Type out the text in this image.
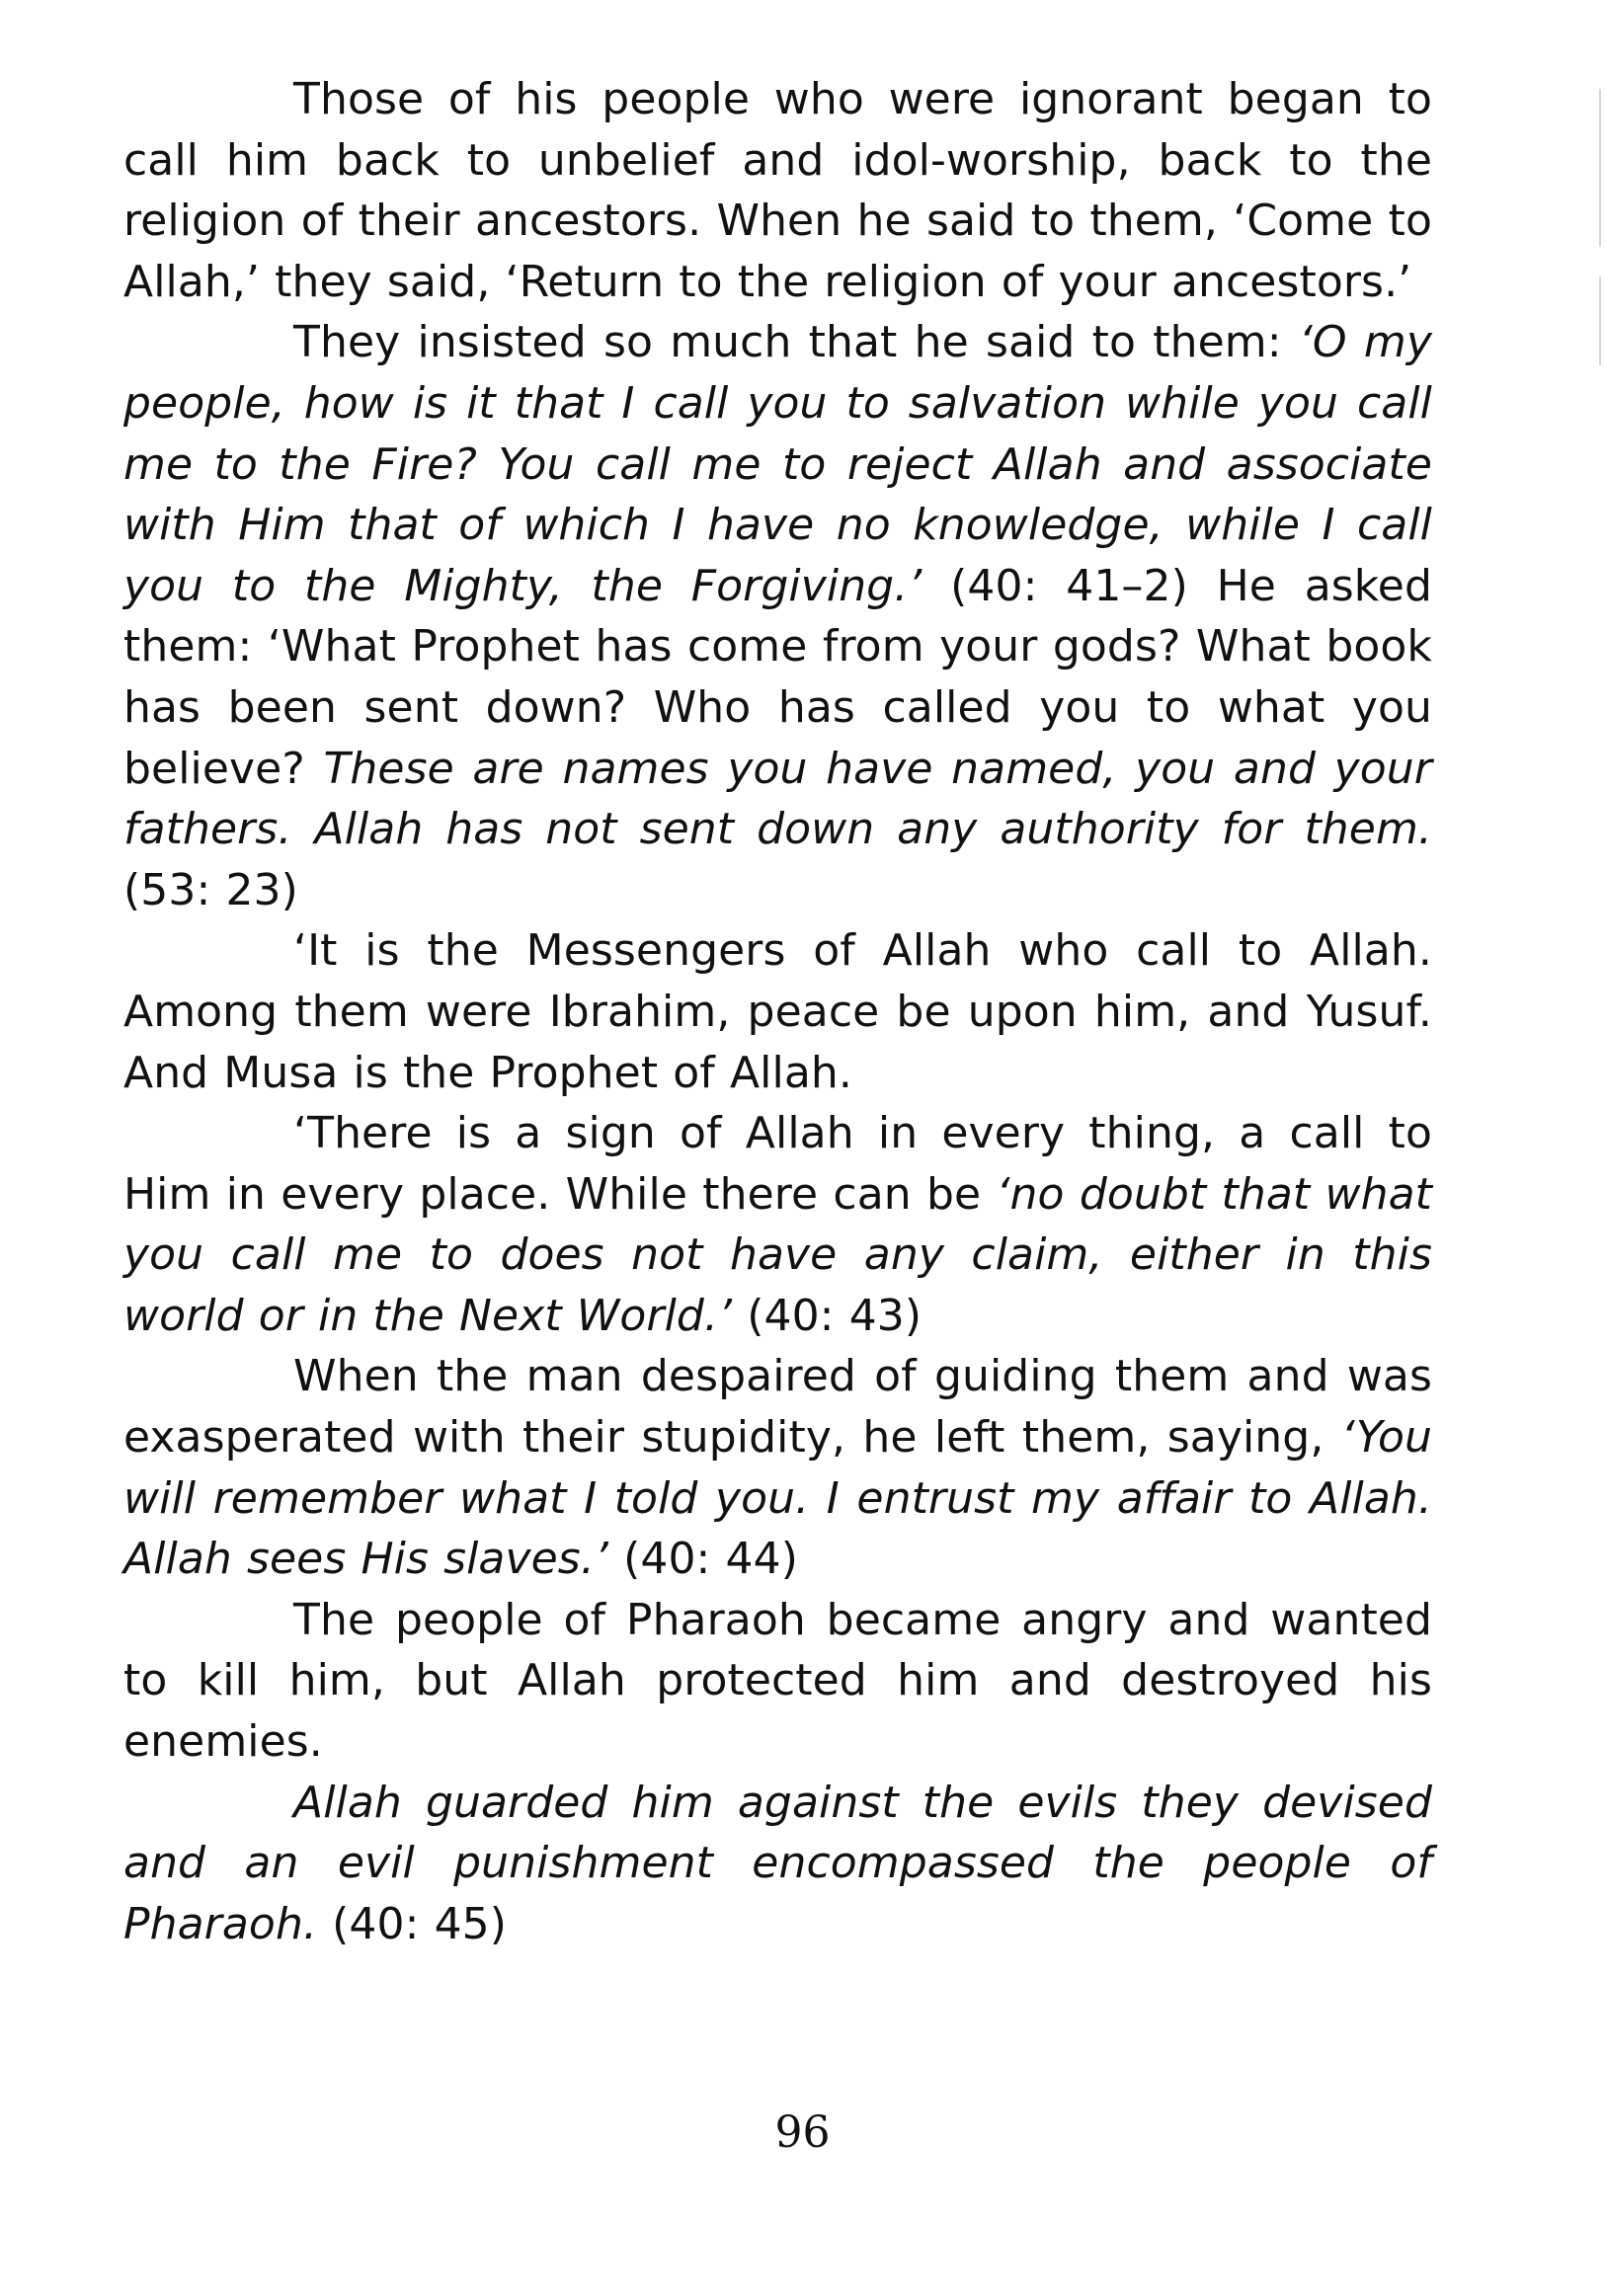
Those of his people who were ignorant began to call him back to unbelief and idol-worship, back to the religion of their ancestors. When he said to them, ‘Come to Allah,’ they said, ‘Return to the religion of your ancestors.’

They insisted so much that he said to them: ‘O my people, how is it that I call you to salvation while you call me to the Fire? You call me to reject Allah and associate with Him that of which I have no knowledge, while I call you to the Mighty, the Forgiving.’ (40: 41–2) He asked them: ‘What Prophet has come from your gods? What book has been sent down? Who has called you to what you believe? These are names you have named, you and your fathers. Allah has not sent down any authority for them. (53: 23)

‘It is the Messengers of Allah who call to Allah. Among them were Ibrahim, peace be upon him, and Yusuf. And Musa is the Prophet of Allah.

‘There is a sign of Allah in every thing, a call to Him in every place. While there can be ‘no doubt that what you call me to does not have any claim, either in this world or in the Next World.’ (40: 43)

When the man despaired of guiding them and was exasperated with their stupidity, he left them, saying, ‘You will remember what I told you. I entrust my affair to Allah. Allah sees His slaves.’ (40: 44)

The people of Pharaoh became angry and wanted to kill him, but Allah protected him and destroyed his enemies.

Allah guarded him against the evils they devised and an evil punishment encompassed the people of Pharaoh. (40: 45)

96
